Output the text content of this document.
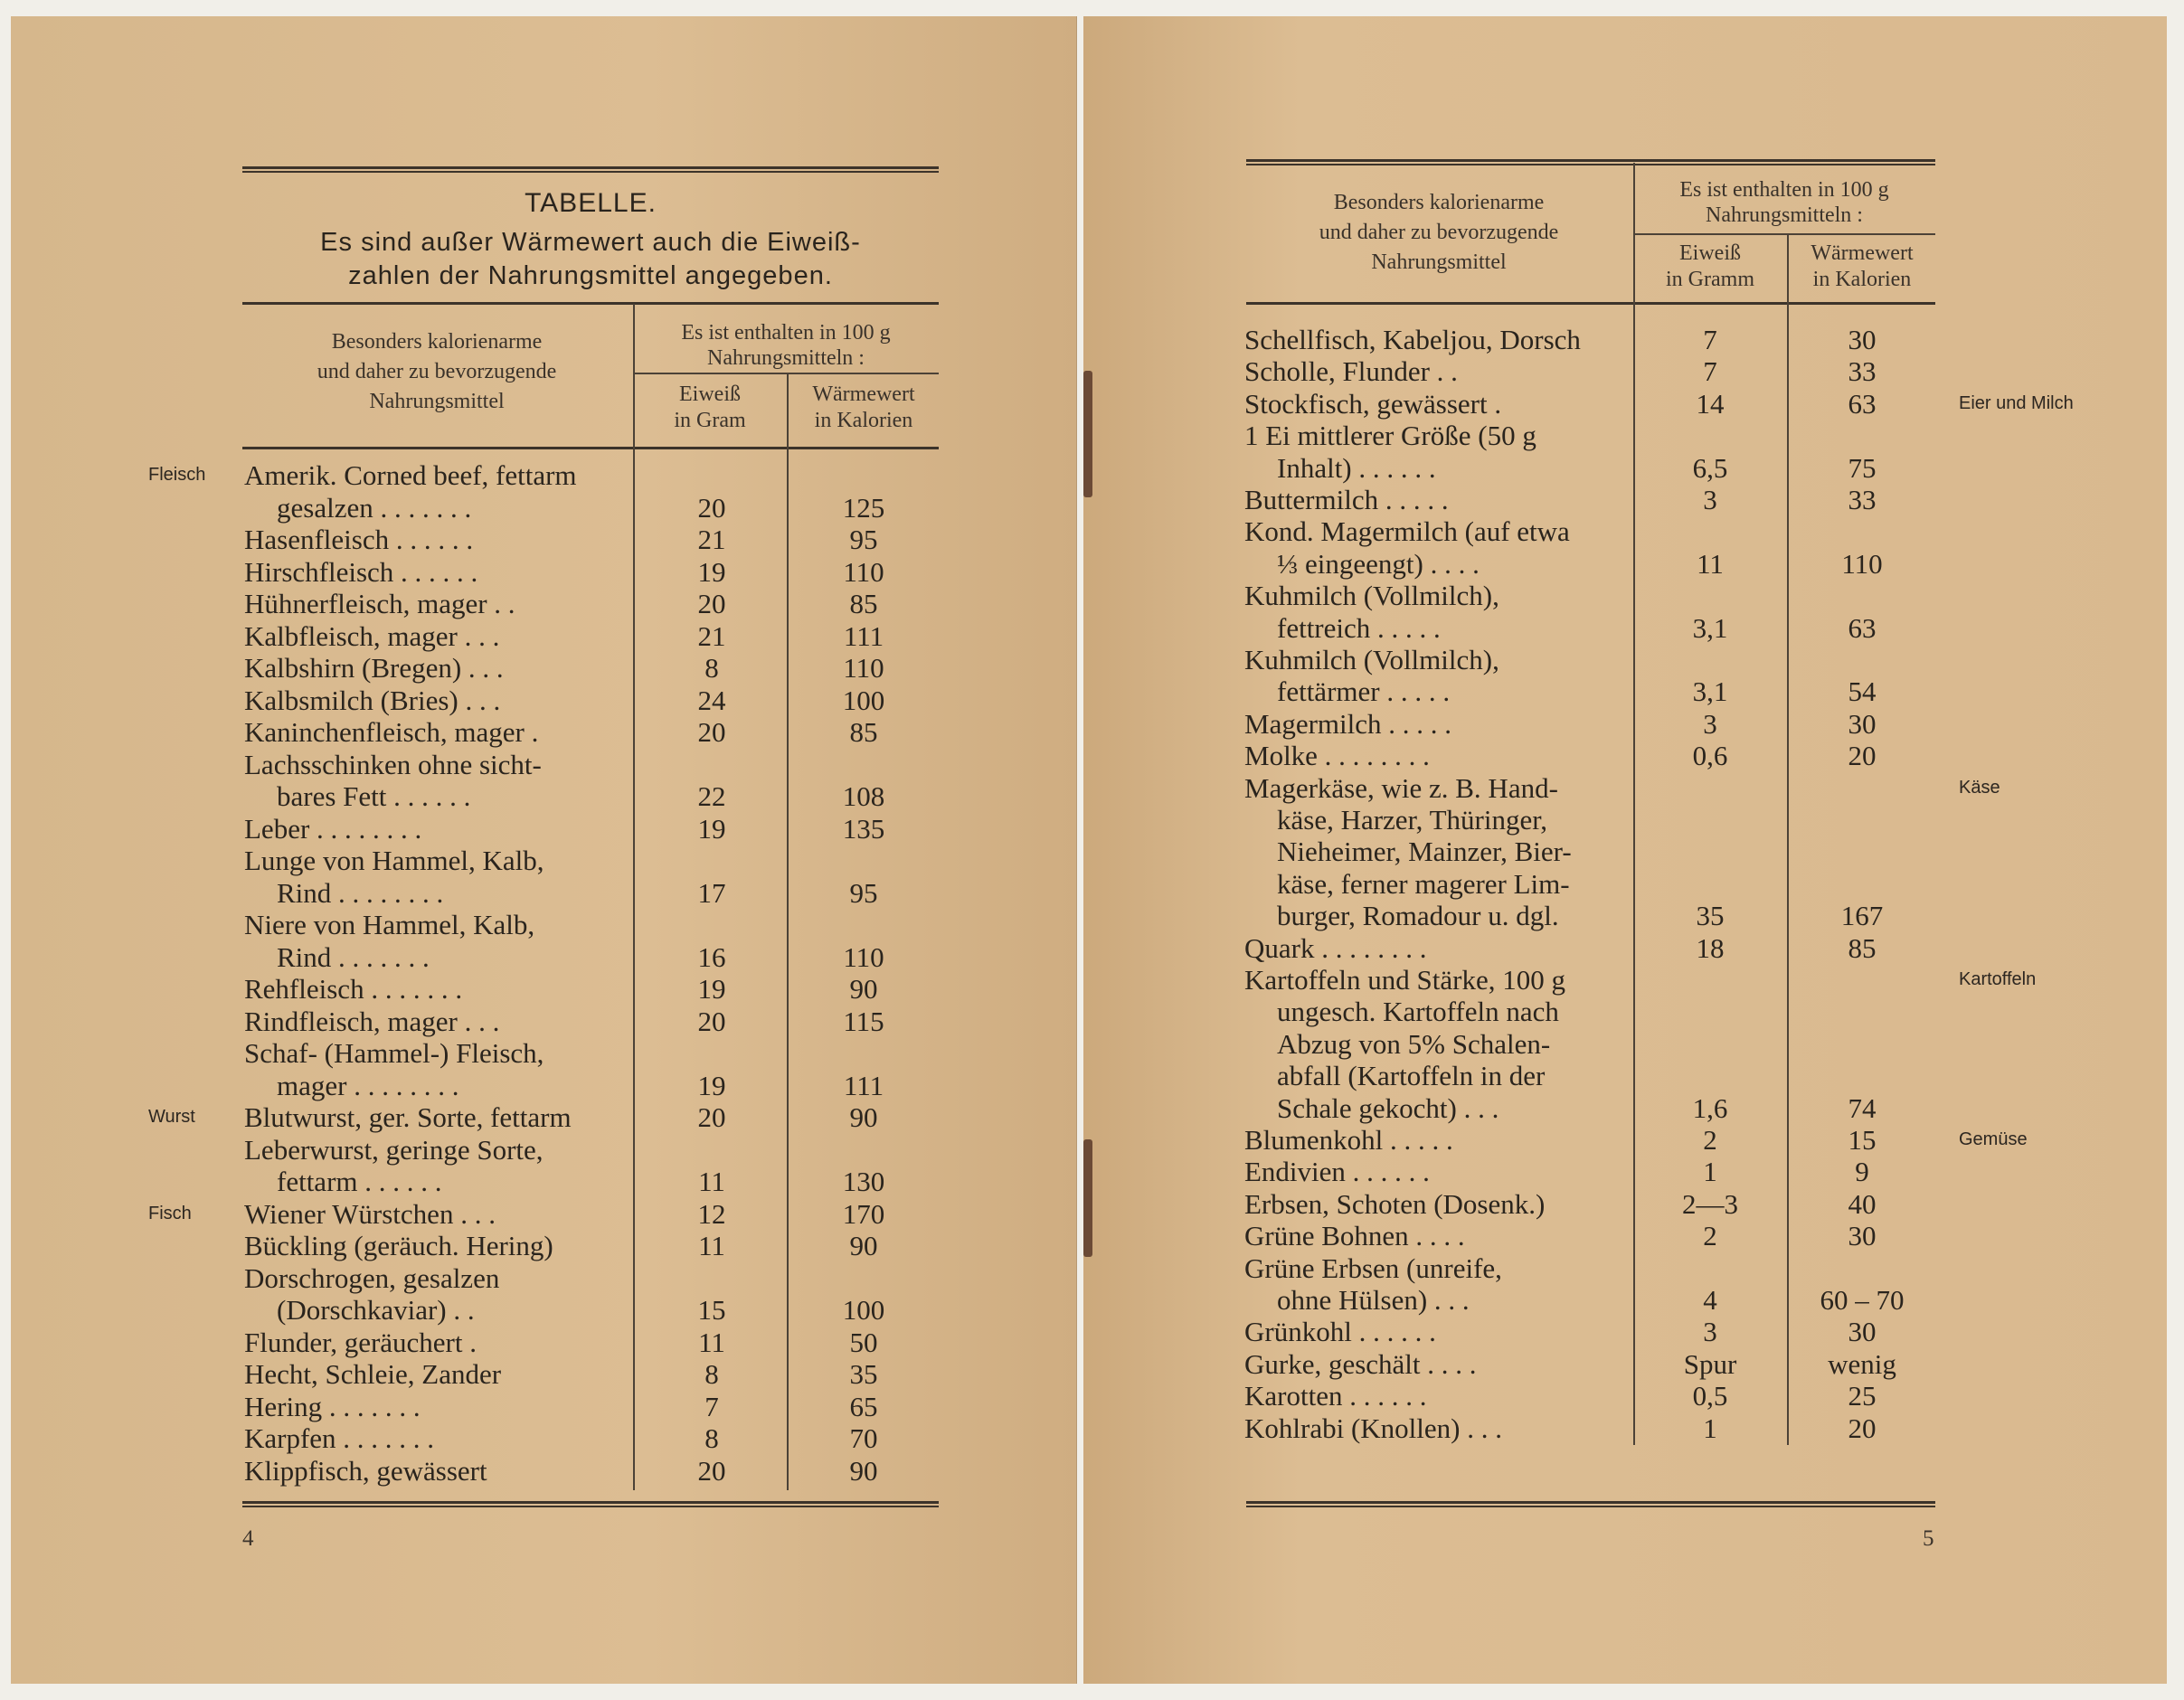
TABELLE.
Es sind außer Wärmewert auch die Eiweiß-
zahlen der Nahrungsmittel angegeben.
Besonders kalorienarme
und daher zu bevorzugende
Nahrungsmittel
Es ist enthalten in 100 g
Nahrungsmitteln :
Eiweiß
in Gram
Wärmewert
in Kalorien
Amerik. Corned beef, fettarm
gesalzen . . . . . . .	20	125
Hasenfleisch . . . . . .	21	95
Hirschfleisch . . . . . .	19	110
Hühnerfleisch, mager . .	20	85
Kalbfleisch, mager . . .	21	111
Kalbshirn (Bregen) . . .	8	110
Kalbsmilch (Bries) . . .	24	100
Kaninchenfleisch, mager .	20	85
Lachsschinken ohne sicht-
bares Fett . . . . . .	22	108
Leber . . . . . . . .	19	135
Lunge von Hammel, Kalb,
Rind . . . . . . . .	17	95
Niere von Hammel, Kalb,
Rind . . . . . . .	16	110
Rehfleisch . . . . . . .	19	90
Rindfleisch, mager . . .	20	115
Schaf- (Hammel-) Fleisch,
mager . . . . . . . .	19	111
Blutwurst, ger. Sorte, fettarm	20	90
Leberwurst, geringe Sorte,
fettarm . . . . . .	11	130
Wiener Würstchen . . .	12	170
Bückling (geräuch. Hering)	11	90
Dorschrogen, gesalzen
(Dorschkaviar) . .	15	100
Flunder, geräuchert .	11	50
Hecht, Schleie, Zander	8	35
Hering . . . . . . .	7	65
Karpfen . . . . . . .	8	70
Klippfisch, gewässert	20	90
Fleisch
Wurst
Fisch
4
Besonders kalorienarme
und daher zu bevorzugende
Nahrungsmittel
Es ist enthalten in 100 g
Nahrungsmitteln :
Eiweiß
in Gramm
Wärmewert
in Kalorien
Schellfisch, Kabeljou, Dorsch	7	30
Scholle, Flunder . .	7	33
Stockfisch, gewässert .	14	63
1 Ei mittlerer Größe (50 g
Inhalt) . . . . . .	6,5	75
Buttermilch . . . . .	3	33
Kond. Magermilch (auf etwa
⅓ eingeengt) . . . .	11	110
Kuhmilch (Vollmilch),
fettreich . . . . .	3,1	63
Kuhmilch (Vollmilch),
fettärmer . . . . .	3,1	54
Magermilch . . . . .	3	30
Molke . . . . . . . .	0,6	20
Magerkäse, wie z. B. Hand-
käse, Harzer, Thüringer,
Nieheimer, Mainzer, Bier-
käse, ferner magerer Lim-
burger, Romadour u. dgl.	35	167
Quark . . . . . . . .	18	85
Kartoffeln und Stärke, 100 g
ungesch. Kartoffeln nach
Abzug von 5% Schalen-
abfall (Kartoffeln in der
Schale gekocht) . . .	1,6	74
Blumenkohl . . . . .	2	15
Endivien . . . . . .	1	9
Erbsen, Schoten (Dosenk.)	2—3	40
Grüne Bohnen . . . .	2	30
Grüne Erbsen (unreife,
ohne Hülsen) . . .	4	60 – 70
Grünkohl . . . . . .	3	30
Gurke, geschält . . . .	Spur	wenig
Karotten . . . . . .	0,5	25
Kohlrabi (Knollen) . . .	1	20
Eier und Milch
Käse
Kartoffeln
Gemüse
5
